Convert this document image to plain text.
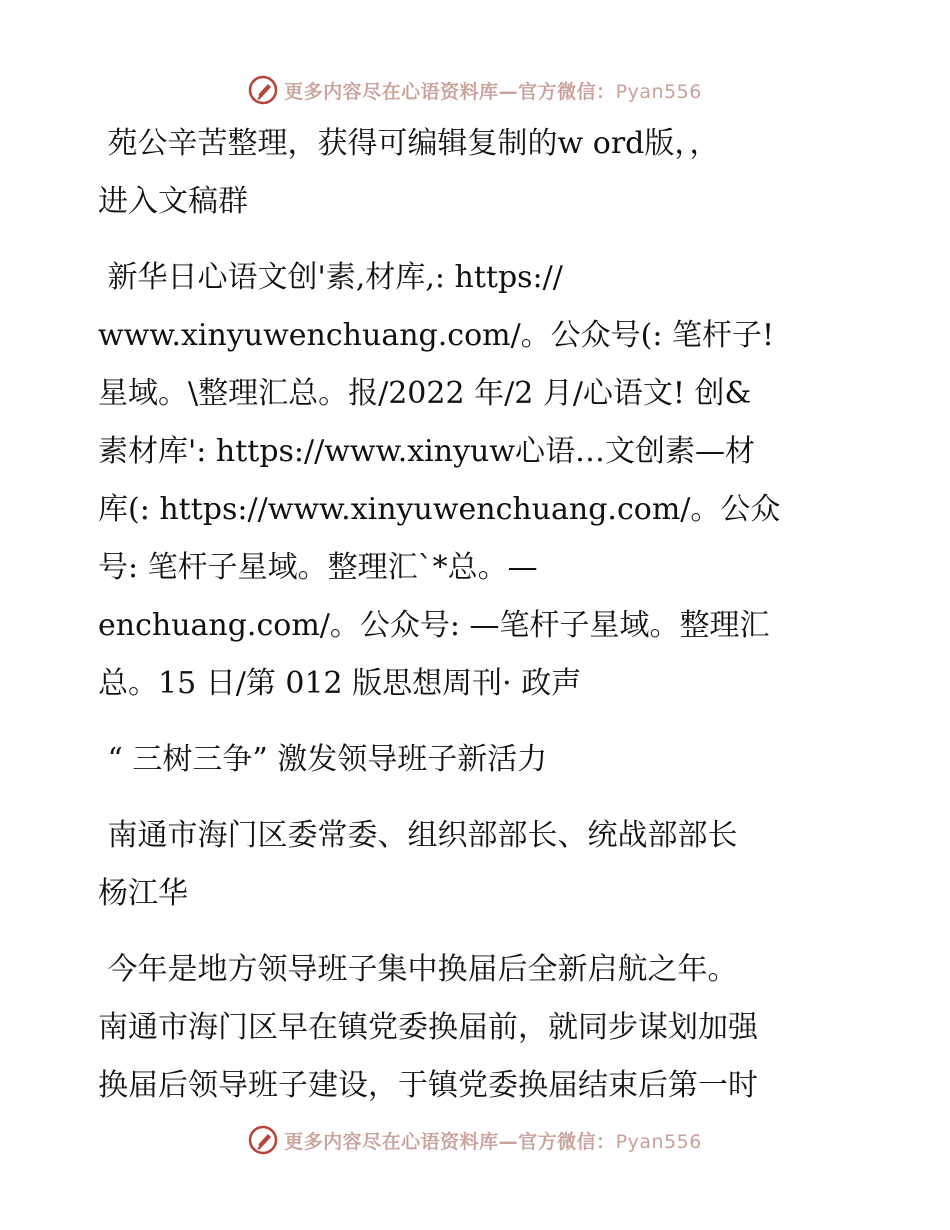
更多内容尽在心语资料库—官方微信：Pyan556

苑公辛苦整理，获得可编辑复制的w ord版，，
进入文稿群

新华日心语文创'素,材库,: https://
www.xinyuwenchuang.com/。公众号(: 笔杆子!
星域。\整理汇总。报/2022 年/2 月/心语文! 创&
素材库': https://www.xinyuw心语…文创素—材
库(: https://www.xinyuwenchuang.com/。公众
号: 笔杆子星域。整理汇`*总。—
enchuang.com/。公众号: —笔杆子星域。整理汇
总。15 日/第 012 版思想周刊· 政声

“ 三树三争” 激发领导班子新活力

南通市海门区委常委、组织部部长、统战部部长
杨江华

今年是地方领导班子集中换届后全新启航之年。
南通市海门区早在镇党委换届前，就同步谋划加强
换届后领导班子建设，于镇党委换届结束后第一时

更多内容尽在心语资料库—官方微信：Pyan556
